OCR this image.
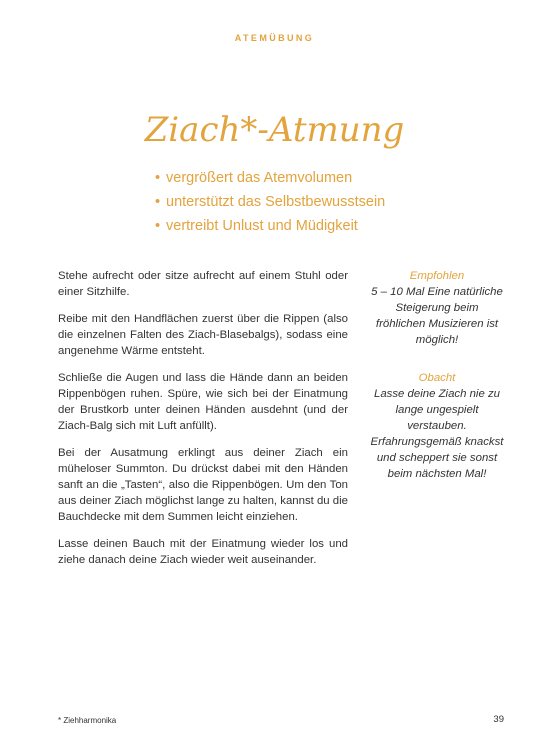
ATEMÜBUNG
Ziach*-Atmung
• vergrößert das Atemvolumen
• unterstützt das Selbstbewusstsein
• vertreibt Unlust und Müdigkeit

Stehe aufrecht oder sitze aufrecht auf einem Stuhl oder einer Sitzhilfe.

Reibe mit den Handflächen zuerst über die Rippen (also die einzelnen Falten des Ziach-Blasebalgs), sodass eine angenehme Wärme entsteht.

Schließe die Augen und lass die Hände dann an beiden Rippenbögen ruhen. Spüre, wie sich bei der Einatmung der Brustkorb unter deinen Händen ausdehnt (und der Ziach-Balg sich mit Luft anfüllt).

Bei der Ausatmung erklingt aus deiner Ziach ein müheloser Summton. Du drückst dabei mit den Händen sanft an die „Tasten“, also die Rippenbögen. Um den Ton aus deiner Ziach möglichst lange zu halten, kannst du die Bauchdecke mit dem Summen leicht einziehen.

Lasse deinen Bauch mit der Einatmung wieder los und ziehe danach deine Ziach wieder weit auseinander.

Empfohlen
5 – 10 Mal Eine natürliche Steigerung beim fröhlichen Musizieren ist möglich!
Obacht
Lasse deine Ziach nie zu lange ungespielt verstauben. Erfahrungsgemäß knackst und scheppert sie sonst beim nächsten Mal!
* Ziehharmonika	39
